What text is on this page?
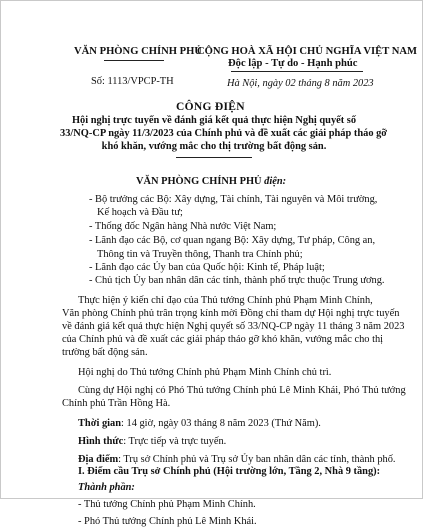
VĂN PHÒNG CHÍNH PHỦ
Số: 1113/VPCP-TH
CỘNG HOÀ XÃ HỘI CHỦ NGHĨA VIỆT NAM
Độc lập - Tự do - Hạnh phúc
Hà Nội, ngày 02 tháng 8 năm 2023
CÔNG ĐIỆN
Hội nghị trực tuyến về đánh giá kết quả thực hiện Nghị quyết số
33/NQ-CP ngày 11/3/2023 của Chính phủ và đề xuất các giải pháp tháo gỡ
khó khăn, vướng mắc cho thị trường bất động sản.
VĂN PHÒNG CHÍNH PHỦ điện:
- Bộ trưởng các Bộ: Xây dựng, Tài chính, Tài nguyên và Môi trường,
Kế hoạch và Đầu tư;
- Thống đốc Ngân hàng Nhà nước Việt Nam;
- Lãnh đạo các Bộ, cơ quan ngang Bộ: Xây dựng, Tư pháp, Công an,
Thông tin và Truyền thông, Thanh tra Chính phủ;
- Lãnh đạo các Ủy ban của Quốc hội: Kinh tế, Pháp luật;
- Chủ tịch Ủy ban nhân dân các tỉnh, thành phố trực thuộc Trung ương.
Thực hiện ý kiến chỉ đạo của Thủ tướng Chính phủ Phạm Minh Chính,
Văn phòng Chính phủ trân trọng kính mời Đồng chí tham dự Hội nghị trực tuyến
về đánh giá kết quả thực hiện Nghị quyết số 33/NQ-CP ngày 11 tháng 3 năm 2023
của Chính phủ và đề xuất các giải pháp tháo gỡ khó khăn, vướng mắc cho thị
trường bất động sản.
Hội nghị do Thủ tướng Chính phủ Phạm Minh Chính chủ trì.
Cùng dự Hội nghị có Phó Thủ tướng Chính phủ Lê Minh Khái, Phó Thủ tướng
Chính phủ Trần Hồng Hà.
Thời gian: 14 giờ, ngày 03 tháng 8 năm 2023 (Thứ Năm).
Hình thức: Trực tiếp và trực tuyến.
Địa điểm: Trụ sở Chính phủ và Trụ sở Ủy ban nhân dân các tỉnh, thành phố.
I. Điểm cầu Trụ sở Chính phủ (Hội trường lớn, Tầng 2, Nhà 9 tầng):
Thành phần:
- Thủ tướng Chính phủ Phạm Minh Chính.
- Phó Thủ tướng Chính phủ Lê Minh Khái.
